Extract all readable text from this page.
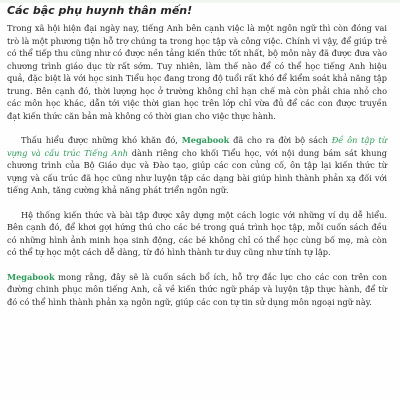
Các bậc phụ huynh thân mến!

Trong xã hội hiện đại ngày nay, tiếng Anh bên cạnh việc là một ngôn ngữ thì còn đóng vai trò là một phương tiện hỗ trợ chúng ta trong học tập và công việc. Chính vì vậy, để giúp trẻ có thể tiếp thu cũng như có được nền tảng kiến thức tốt nhất, bộ môn này đã được đưa vào chương trình giáo dục từ rất sớm. Tuy nhiên, làm thế nào để có thể học tiếng Anh hiệu quả, đặc biệt là với học sinh Tiểu học đang trong độ tuổi rất khó để kiểm soát khả năng tập trung. Bên cạnh đó, thời lượng học ở trường không chỉ hạn chế mà còn phải chia nhỏ cho các môn học khác, dẫn tới việc thời gian học trên lớp chỉ vừa đủ để các con được truyền đạt kiến thức căn bản mà không có thời gian cho việc thực hành.

Thấu hiểu được những khó khăn đó, Megabook đã cho ra đời bộ sách Đề ôn tập từ vựng và cấu trúc Tiếng Anh dành riêng cho khối Tiểu học, với nội dung bám sát khung chương trình của Bộ Giáo dục và Đào tạo, giúp các con củng cố, ôn tập lại kiến thức từ vựng và cấu trúc đã học cũng như luyện tập các dạng bài giúp hình thành phản xạ đối với tiếng Anh, tăng cường khả năng phát triển ngôn ngữ.

Hệ thống kiến thức và bài tập được xây dựng một cách logic với những ví dụ dễ hiểu. Bên cạnh đó, để khơi gợi hứng thú cho các bé trong quá trình học tập, mỗi cuốn sách đều có những hình ảnh minh họa sinh động, các bé không chỉ có thể học cùng bố mẹ, mà còn có thể tự học một cách dễ dàng, từ đó hình thành tư duy cũng như tính tự lập.

Megabook mong rằng, đây sẽ là cuốn sách bổ ích, hỗ trợ đắc lực cho các con trên con đường chinh phục môn tiếng Anh, cả về kiến thức ngữ pháp và luyện tập thực hành, để từ đó có thể hình thành phản xạ ngôn ngữ, giúp các con tự tin sử dụng môn ngoại ngữ này.
